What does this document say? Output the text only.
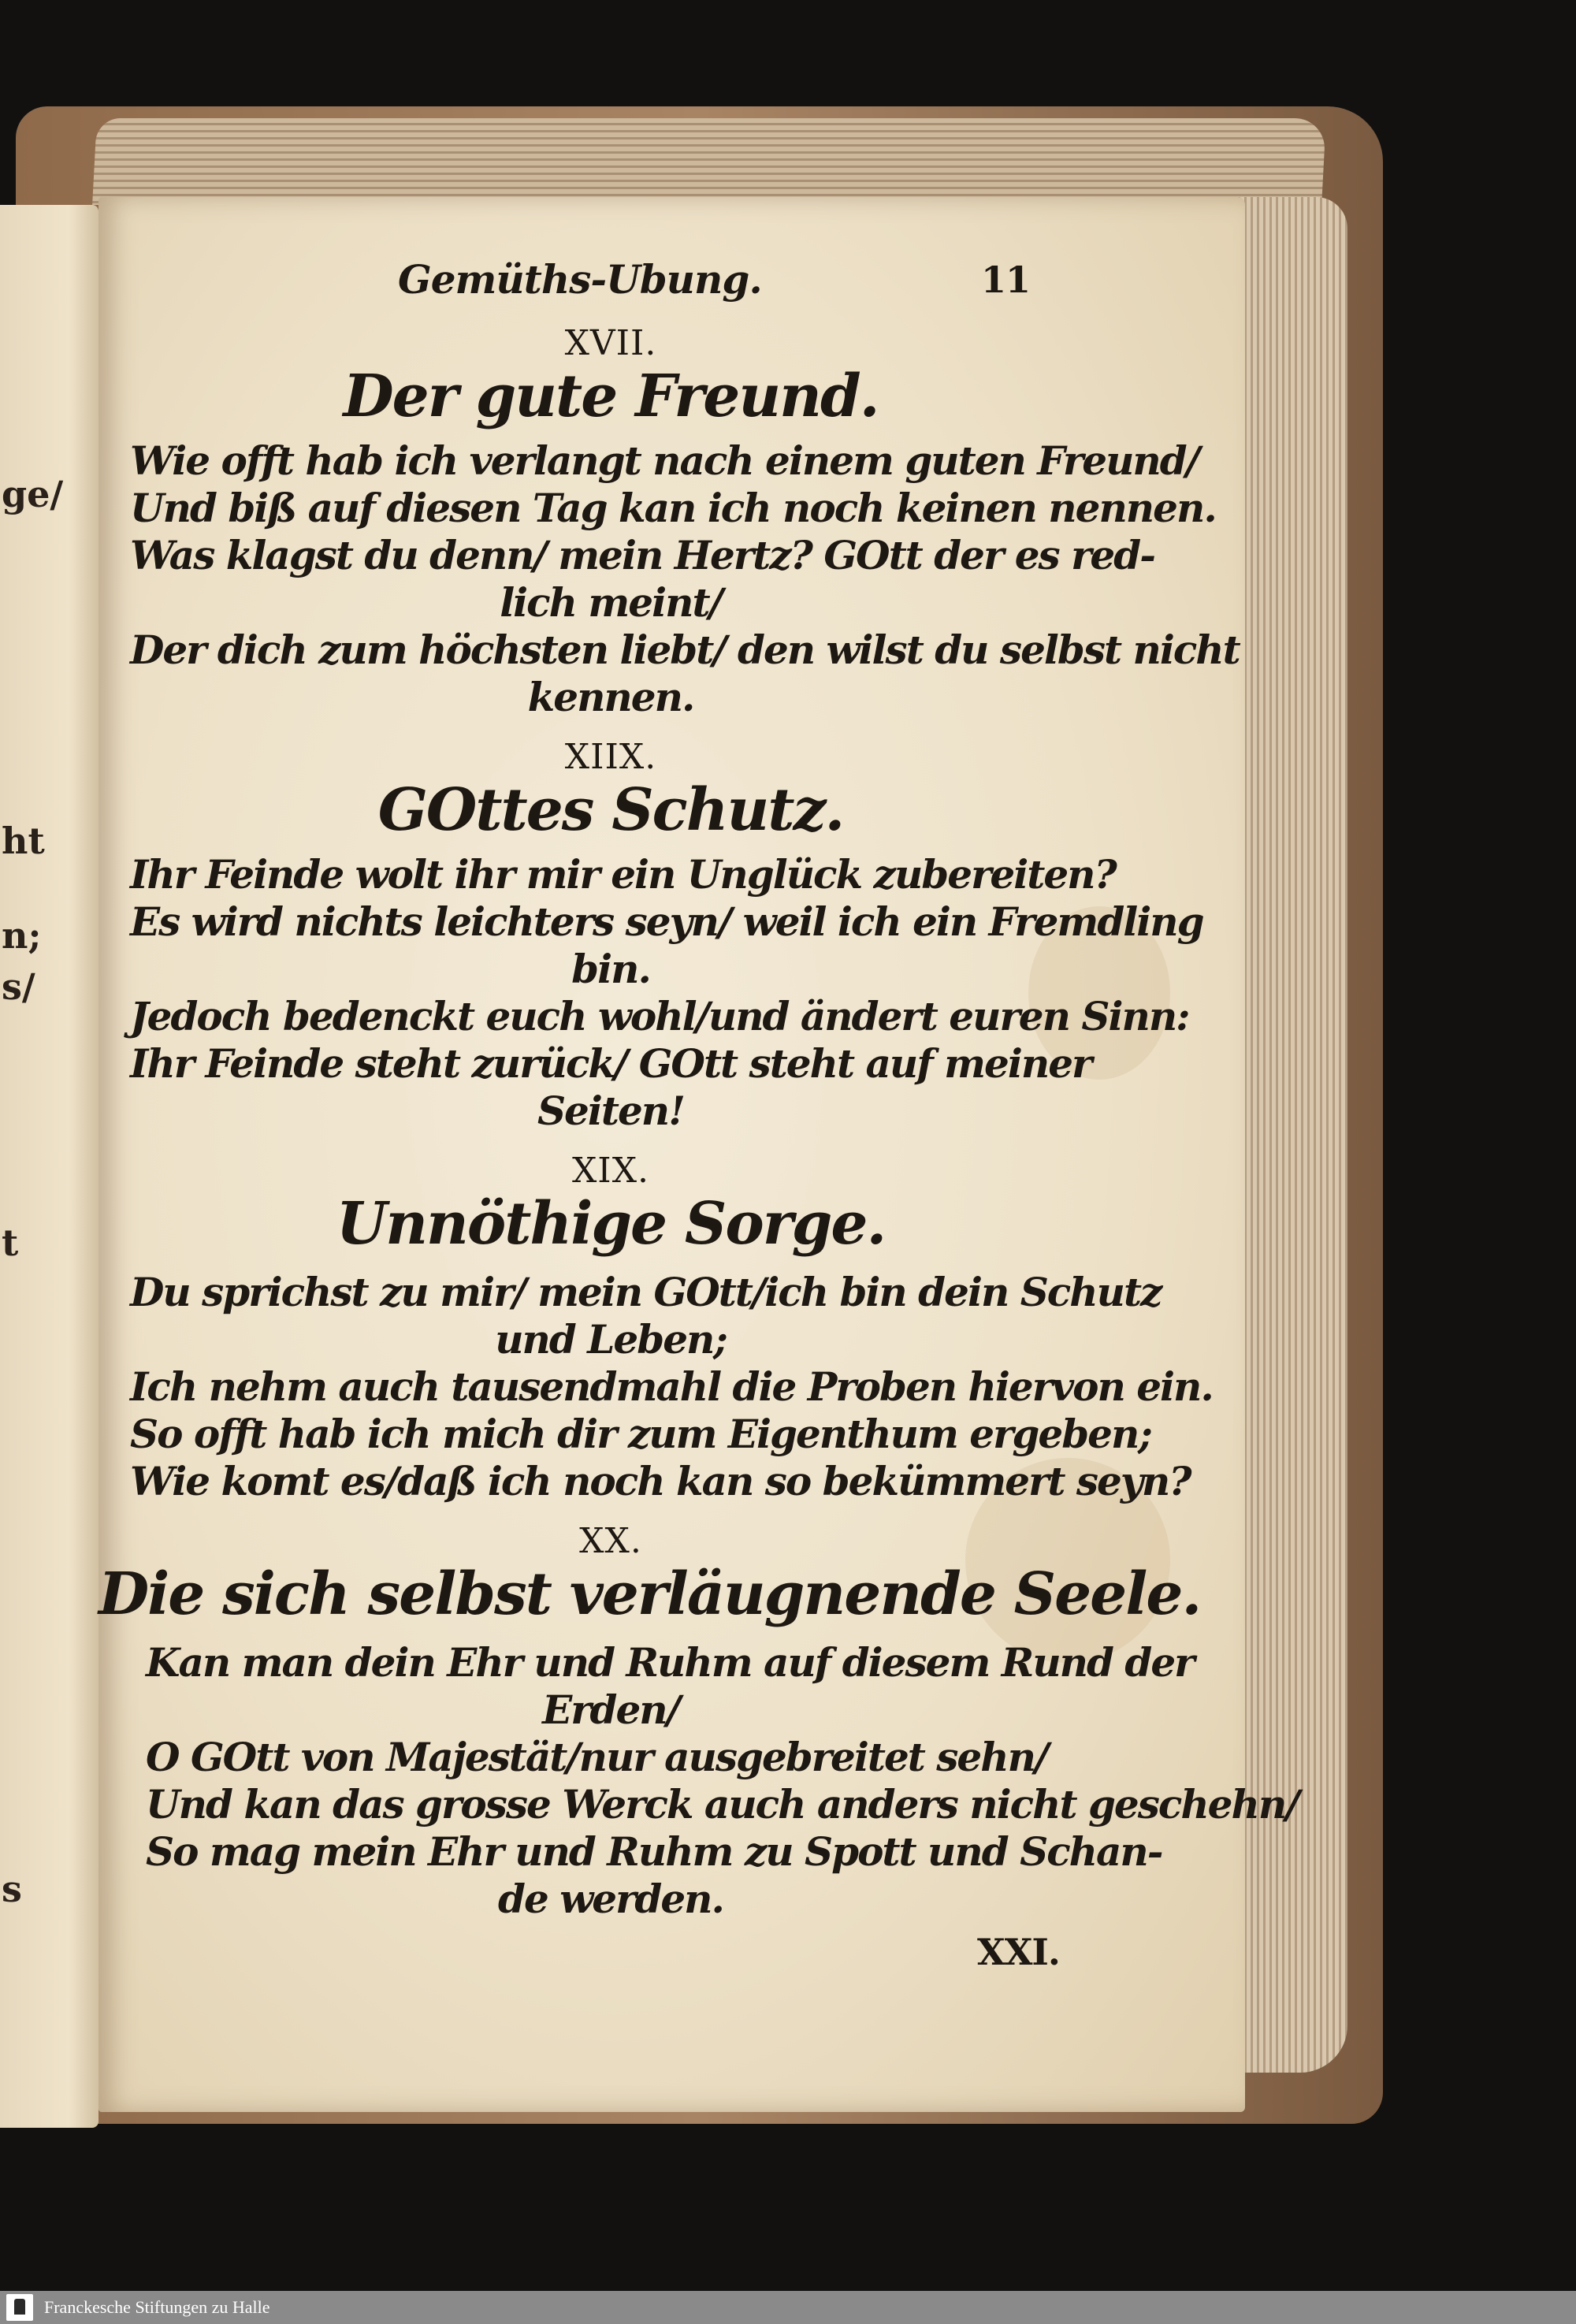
ge/
ht
n;
s/
t
s

Gemüths-Ubung.	11

XVII.

Der gute Freund.

Wie offt hab ich verlangt nach einem guten Freund/

Und biß auf diesen Tag kan ich noch keinen nennen.

Was klagst du denn/ mein Hertz? GOtt der es red-

lich meint/

Der dich zum höchsten liebt/ den wilst du selbst nicht

kennen.

XIIX.

GOttes Schutz.

Ihr Feinde wolt ihr mir ein Unglück zubereiten?

Es wird nichts leichters seyn/ weil ich ein Fremdling

bin.

Jedoch bedenckt euch wohl/und ändert euren Sinn:

Ihr Feinde steht zurück/ GOtt steht auf meiner

Seiten!

XIX.

Unnöthige Sorge.

Du sprichst zu mir/ mein GOtt/ich bin dein Schutz

und Leben;

Ich nehm auch tausendmahl die Proben hiervon ein.

So offt hab ich mich dir zum Eigenthum ergeben;

Wie komt es/daß ich noch kan so bekümmert seyn?

XX.

Die sich selbst verläugnende Seele.

Kan man dein Ehr und Ruhm auf diesem Rund der

Erden/

O GOtt von Majestät/nur ausgebreitet sehn/

Und kan das grosse Werck auch anders nicht geschehn/

So mag mein Ehr und Ruhm zu Spott und Schan-

de werden.

XXI.

Franckesche Stiftungen zu Halle
